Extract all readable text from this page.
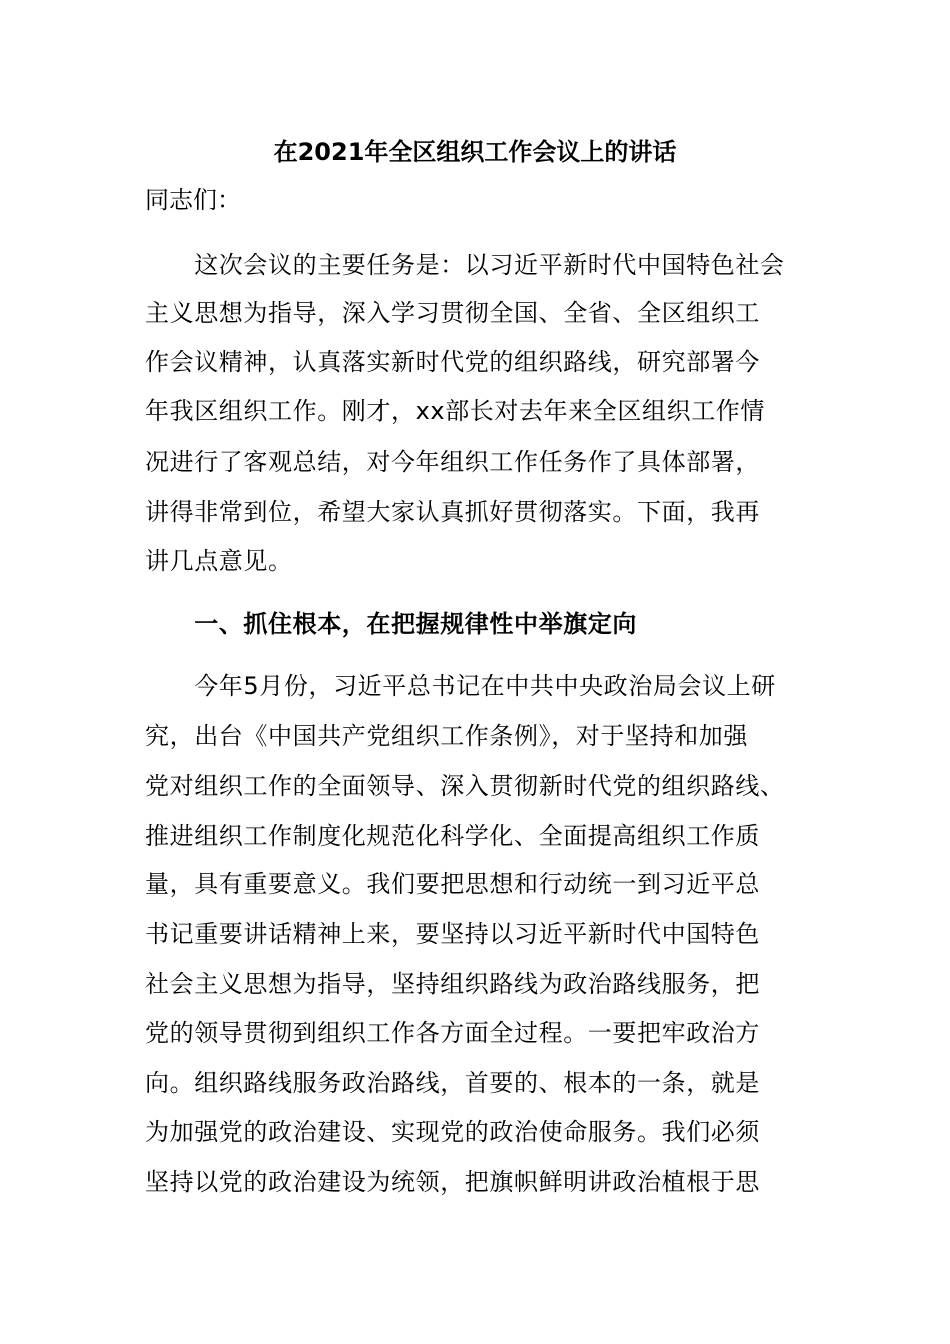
在2021年全区组织工作会议上的讲话

同志们：

　　这次会议的主要任务是：以习近平新时代中国特色社会

主义思想为指导，深入学习贯彻全国、全省、全区组织工

作会议精神，认真落实新时代党的组织路线，研究部署今

年我区组织工作。刚才，xx部长对去年来全区组织工作情

况进行了客观总结，对今年组织工作任务作了具体部署，

讲得非常到位，希望大家认真抓好贯彻落实。下面，我再

讲几点意见。

　　一、抓住根本，在把握规律性中举旗定向

　　今年5月份，习近平总书记在中共中央政治局会议上研

究，出台《中国共产党组织工作条例》，对于坚持和加强

党对组织工作的全面领导、深入贯彻新时代党的组织路线、

推进组织工作制度化规范化科学化、全面提高组织工作质

量，具有重要意义。我们要把思想和行动统一到习近平总

书记重要讲话精神上来，要坚持以习近平新时代中国特色

社会主义思想为指导，坚持组织路线为政治路线服务，把

党的领导贯彻到组织工作各方面全过程。一要把牢政治方

向。组织路线服务政治路线，首要的、根本的一条，就是

为加强党的政治建设、实现党的政治使命服务。我们必须

坚持以党的政治建设为统领，把旗帜鲜明讲政治植根于思
